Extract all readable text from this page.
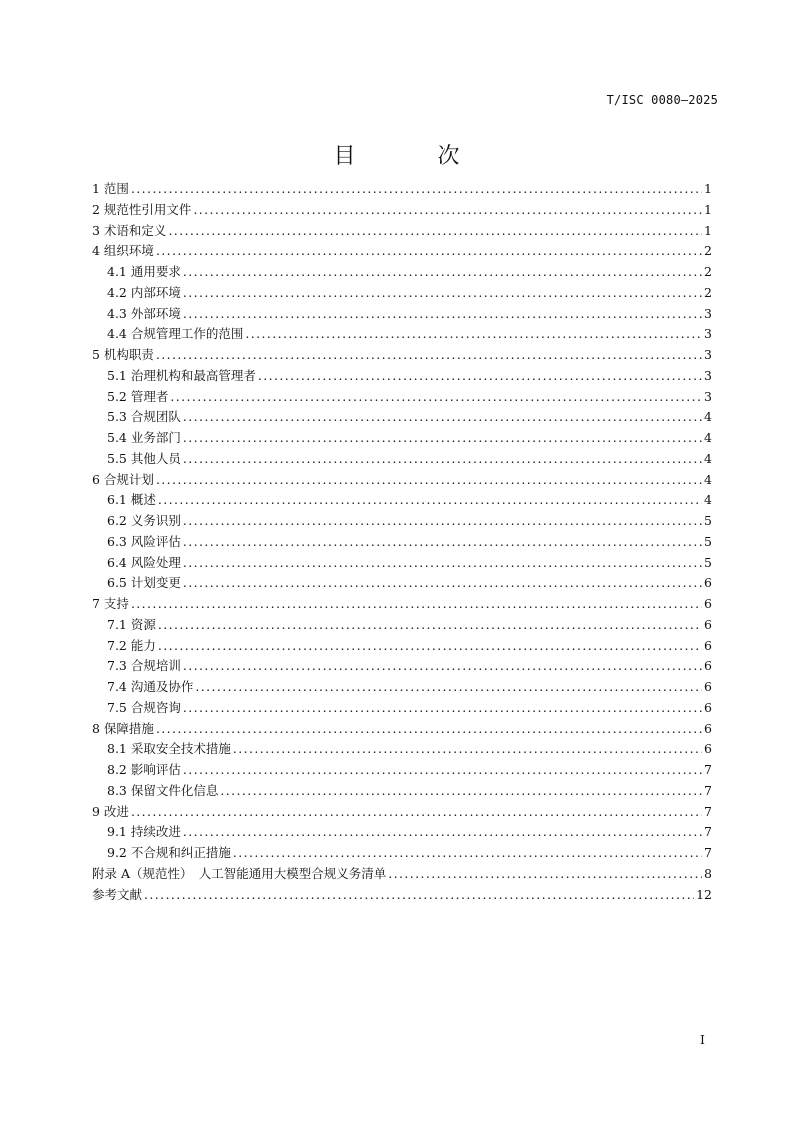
T/ISC 0080—2025
目　次
1 范围 .....	1
2 规范性引用文件 .....	1
3 术语和定义 .....	1
4 组织环境 .....	2
4.1 通用要求 .....	2
4.2 内部环境 .....	2
4.3 外部环境 .....	3
4.4 合规管理工作的范围 .....	3
5 机构职责 .....	3
5.1 治理机构和最高管理者 .....	3
5.2 管理者 .....	3
5.3 合规团队 .....	4
5.4 业务部门 .....	4
5.5 其他人员 .....	4
6 合规计划 .....	4
6.1 概述 .....	4
6.2 义务识别 .....	5
6.3 风险评估 .....	5
6.4 风险处理 .....	5
6.5 计划变更 .....	6
7 支持 .....	6
7.1 资源 .....	6
7.2 能力 .....	6
7.3 合规培训 .....	6
7.4 沟通及协作 .....	6
7.5 合规咨询 .....	6
8 保障措施 .....	6
8.1 采取安全技术措施 .....	6
8.2 影响评估 .....	7
8.3 保留文件化信息 .....	7
9 改进 .....	7
9.1 持续改进 .....	7
9.2 不合规和纠正措施 .....	7
附录 A（规范性）　人工智能通用大模型合规义务清单 .....	8
参考文献 .....	12
I
